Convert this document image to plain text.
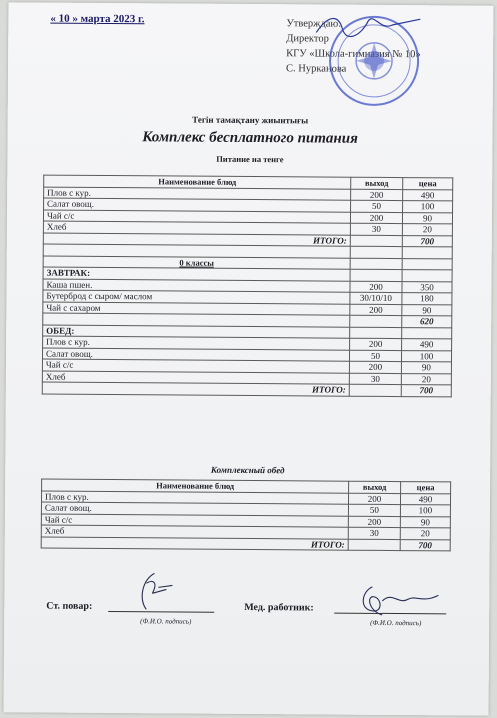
« 10 » марта 2023 г.	Утверждаю:
Директор
КГУ «Школа-гимназия № 10»
С. Нурканова
Тегін тамақтану жиынтығы
Комплекс бесплатного питания
Питание на тенге
Наименование блюд	выход	цена
Плов с кур.	200	490
Салат овощ.	50	100
Чай с/с	200	90
Хлеб	30	20
ИТОГО:		700

0 классы		
ЗАВТРАК:		
Каша пшен.	200	350
Бутерброд с сыром/ маслом	30/10/10	180
Чай с сахаром	200	90
		620
ОБЕД:		
Плов с кур.	200	490
Салат овощ.	50	100
Чай с/с	200	90
Хлеб	30	20
ИТОГО:		700
Комплексный обед
Наименование блюд	выход	цена
Плов с кур.	200	490
Салат овощ.	50	100
Чай с/с	200	90
Хлеб	30	20
ИТОГО:		700
Ст. повар:
(Ф.И.О. подпись)
Мед. работник:
(Ф.И.О. подпись)
